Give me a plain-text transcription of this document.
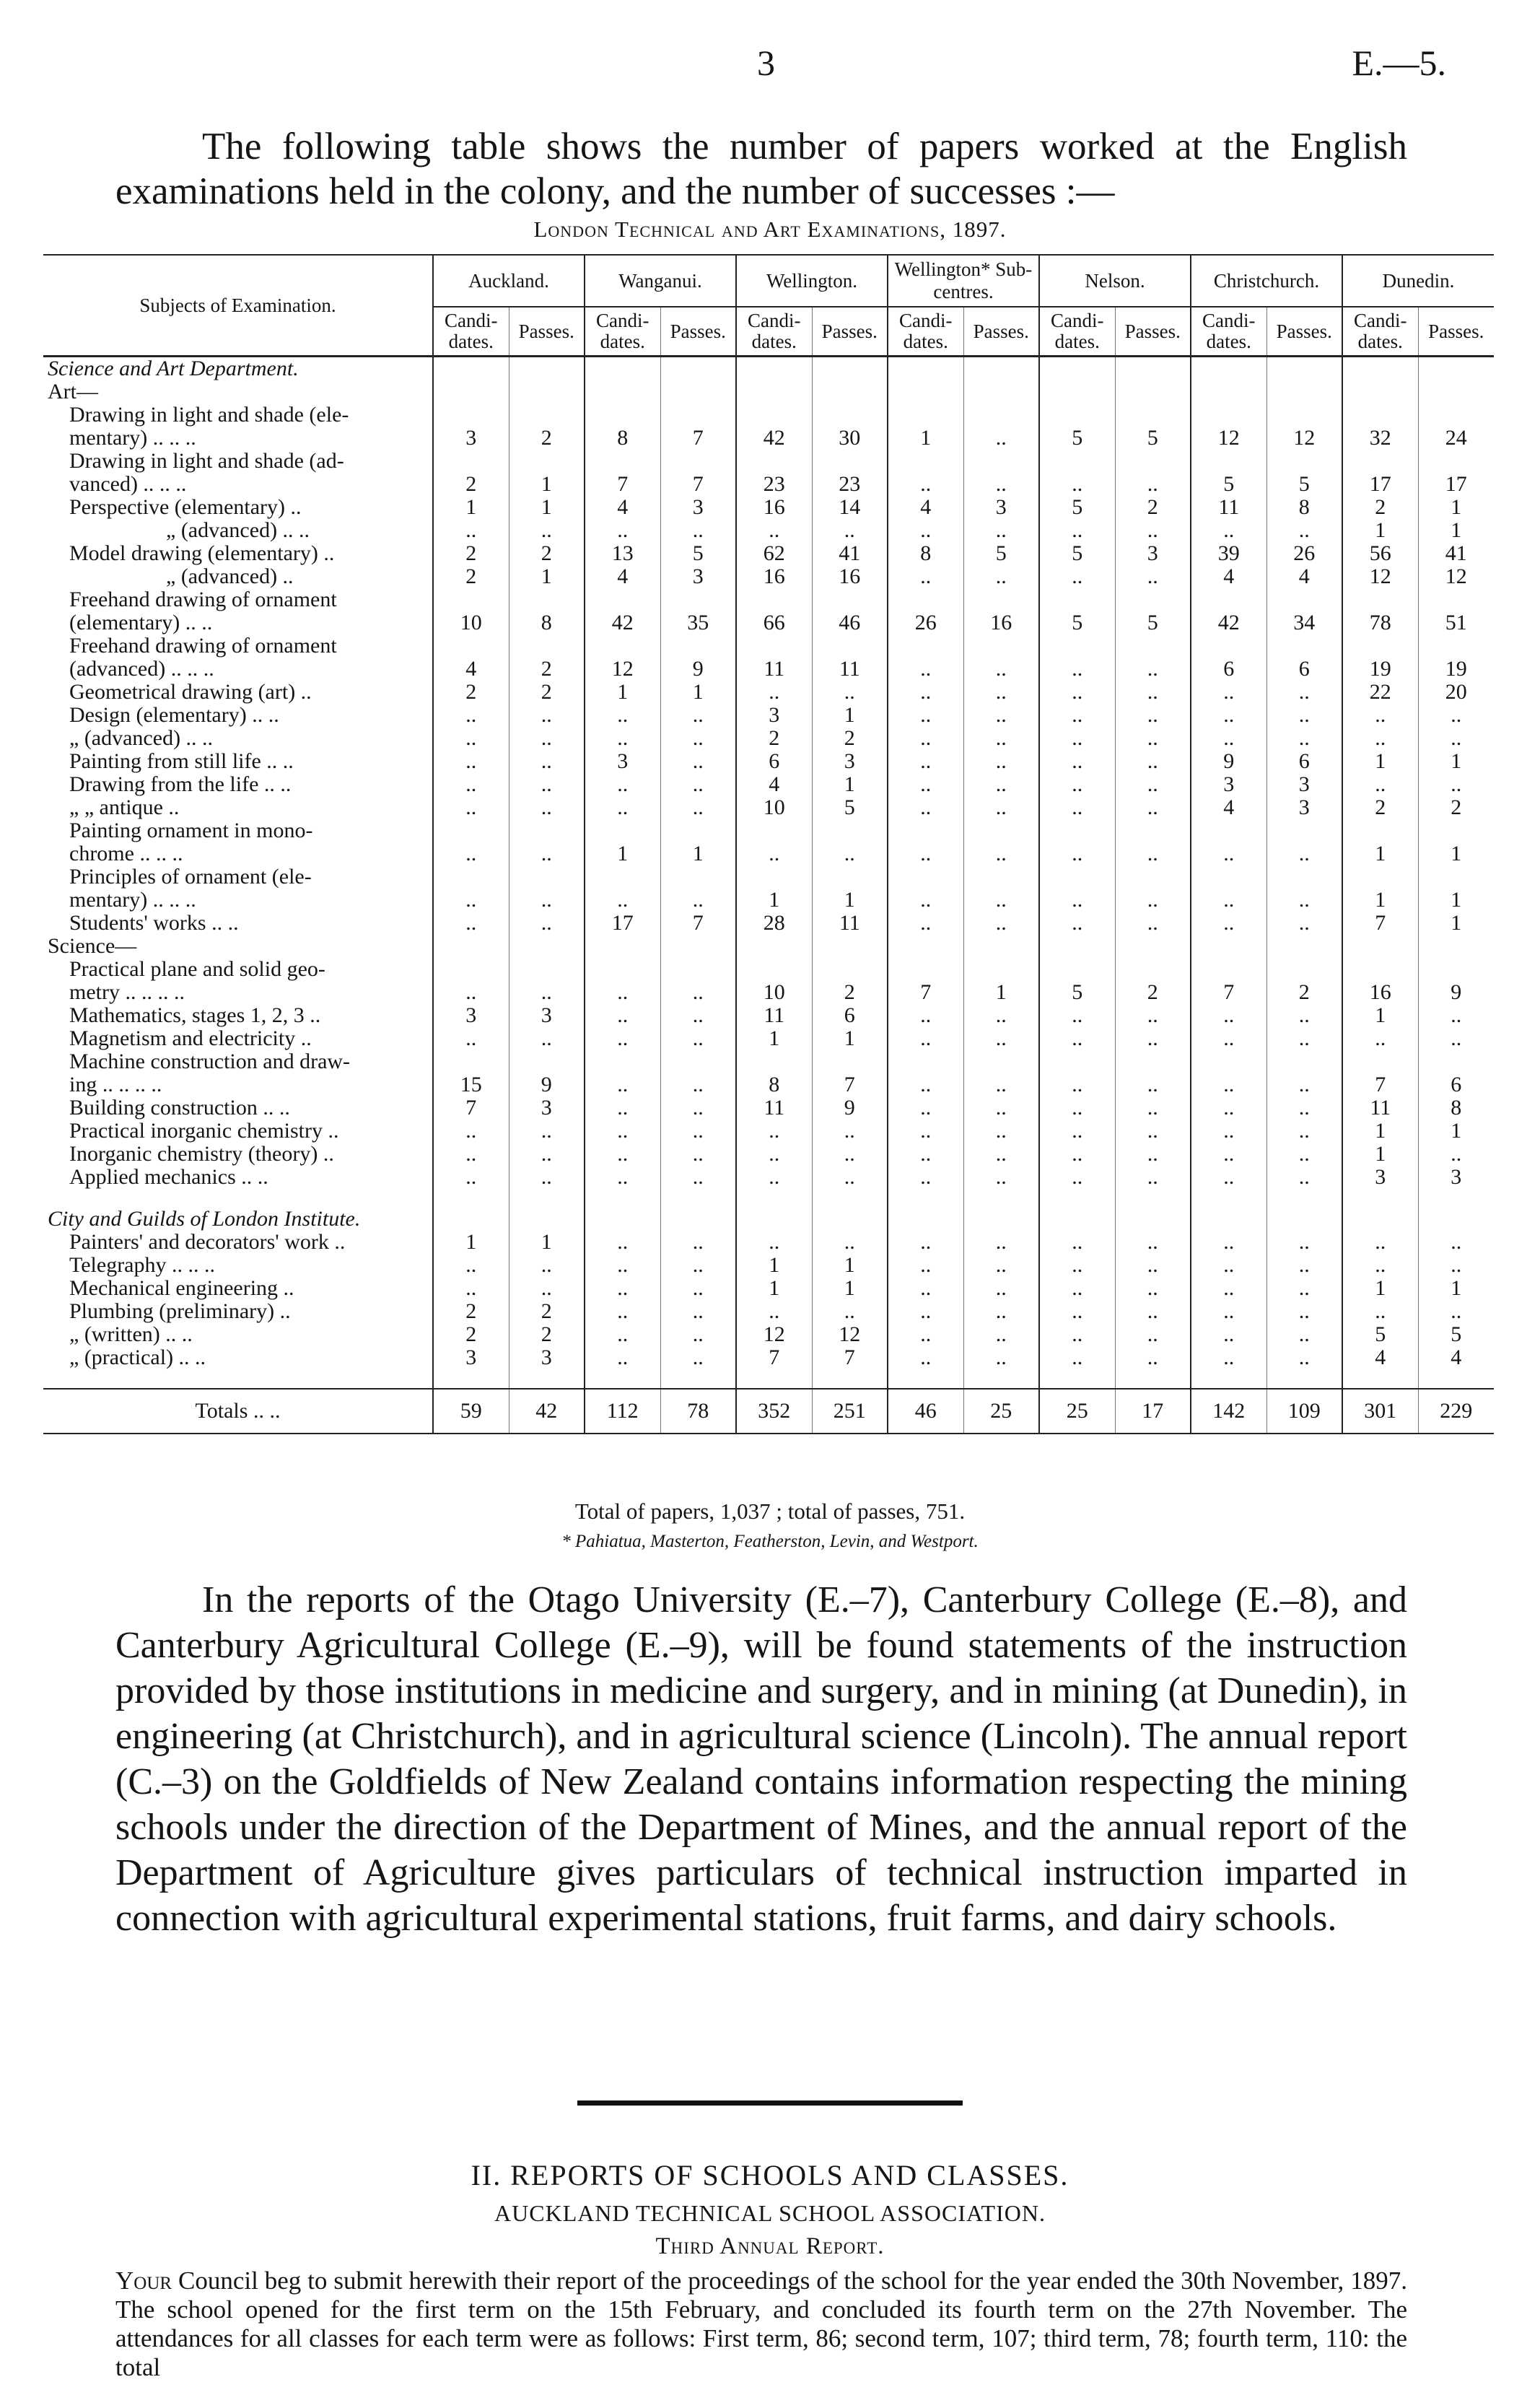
3	E.—5.

The following table shows the number of papers worked at the English examinations held in the colony, and the number of successes :—

London Technical and Art Examinations, 1897.
Subjects of Examination.	Auckland.		Wanganui.		Wellington.		Wellington* Sub-centres.		Nelson.		Christchurch.		Dunedin.	
	Candi-dates.	Passes.	Candi-dates.	Passes.	Candi-dates.	Passes.	Candi-dates.	Passes.	Candi-dates.	Passes.	Candi-dates.	Passes.	Candi-dates.	Passes.
Science and Art Department.														
Art—														
Drawing in light and shade (ele-														
mentary) .. .. ..	3	2	8	7	42	30	1	..	5	5	12	12	32	24
Drawing in light and shade (ad-														
vanced) .. .. ..	2	1	7	7	23	23	..	..	..	..	5	5	17	17
Perspective (elementary) ..	1	1	4	3	16	14	4	3	5	2	11	8	2	1
„ (advanced) .. ..	..	..	..	..	..	..	..	..	..	..	..	..	1	1
Model drawing (elementary) ..	2	2	13	5	62	41	8	5	5	3	39	26	56	41
„ (advanced) ..	2	1	4	3	16	16	..	..	..	..	4	4	12	12
Freehand drawing of ornament														
(elementary) .. ..	10	8	42	35	66	46	26	16	5	5	42	34	78	51
Freehand drawing of ornament														
(advanced) .. .. ..	4	2	12	9	11	11	..	..	..	..	6	6	19	19
Geometrical drawing (art) ..	2	2	1	1	..	..	..	..	..	..	..	..	22	20
Design (elementary) .. ..	..	..	..	..	3	1	..	..	..	..	..	..	..	..
„ (advanced) .. ..	..	..	..	..	2	2	..	..	..	..	..	..	..	..
Painting from still life .. ..	..	..	3	..	6	3	..	..	..	..	9	6	1	1
Drawing from the life .. ..	..	..	..	..	4	1	..	..	..	..	3	3	..	..
„ „ antique ..	..	..	..	..	10	5	..	..	..	..	4	3	2	2
Painting ornament in mono-														
chrome .. .. ..	..	..	1	1	..	..	..	..	..	..	..	..	1	1
Principles of ornament (ele-														
mentary) .. .. ..	..	..	..	..	1	1	..	..	..	..	..	..	1	1
Students' works .. ..	..	..	17	7	28	11	..	..	..	..	..	..	7	1
Science—														
Practical plane and solid geo-														
metry .. .. .. ..	..	..	..	..	10	2	7	1	5	2	7	2	16	9
Mathematics, stages 1, 2, 3 ..	3	3	..	..	11	6	..	..	..	..	..	..	1	..
Magnetism and electricity ..	..	..	..	..	1	1	..	..	..	..	..	..	..	..
Machine construction and draw-														
ing .. .. .. ..	15	9	..	..	8	7	..	..	..	..	..	..	7	6
Building construction .. ..	7	3	..	..	11	9	..	..	..	..	..	..	11	8
Practical inorganic chemistry ..	..	..	..	..	..	..	..	..	..	..	..	..	1	1
Inorganic chemistry (theory) ..	..	..	..	..	..	..	..	..	..	..	..	..	1	..
Applied mechanics .. ..	..	..	..	..	..	..	..	..	..	..	..	..	3	3

City and Guilds of London Institute.														
Painters' and decorators' work ..	1	1	..	..	..	..	..	..	..	..	..	..	..	..
Telegraphy .. .. ..	..	..	..	..	1	1	..	..	..	..	..	..	..	..
Mechanical engineering ..	..	..	..	..	1	1	..	..	..	..	..	..	1	1
Plumbing (preliminary) ..	2	2	..	..	..	..	..	..	..	..	..	..	..	..
„ (written) .. ..	2	2	..	..	12	12	..	..	..	..	..	..	5	5
„ (practical) .. ..	3	3	..	..	7	7	..	..	..	..	..	..	4	4

Totals .. ..	59	42	112	78	352	251	46	25	25	17	142	109	301	229
Total of papers, 1,037 ; total of passes, 751.
* Pahiatua, Masterton, Featherston, Levin, and Westport.

In the reports of the Otago University (E.–7), Canterbury College (E.–8), and Canterbury Agricultural College (E.–9), will be found statements of the instruction provided by those institutions in medicine and surgery, and in mining (at Dunedin), in engineering (at Christchurch), and in agricultural science (Lincoln). The annual report (C.–3) on the Goldfields of New Zealand contains information respecting the mining schools under the direction of the Department of Mines, and the annual report of the Department of Agriculture gives particulars of technical instruction imparted in connection with agricultural experimental stations, fruit farms, and dairy schools.

II. REPORTS OF SCHOOLS AND CLASSES.
AUCKLAND TECHNICAL SCHOOL ASSOCIATION.
Third Annual Report.

Your Council beg to submit herewith their report of the proceedings of the school for the year ended the 30th November, 1897. The school opened for the first term on the 15th February, and concluded its fourth term on the 27th November. The attendances for all classes for each term were as follows: First term, 86; second term, 107; third term, 78; fourth term, 110: the total
